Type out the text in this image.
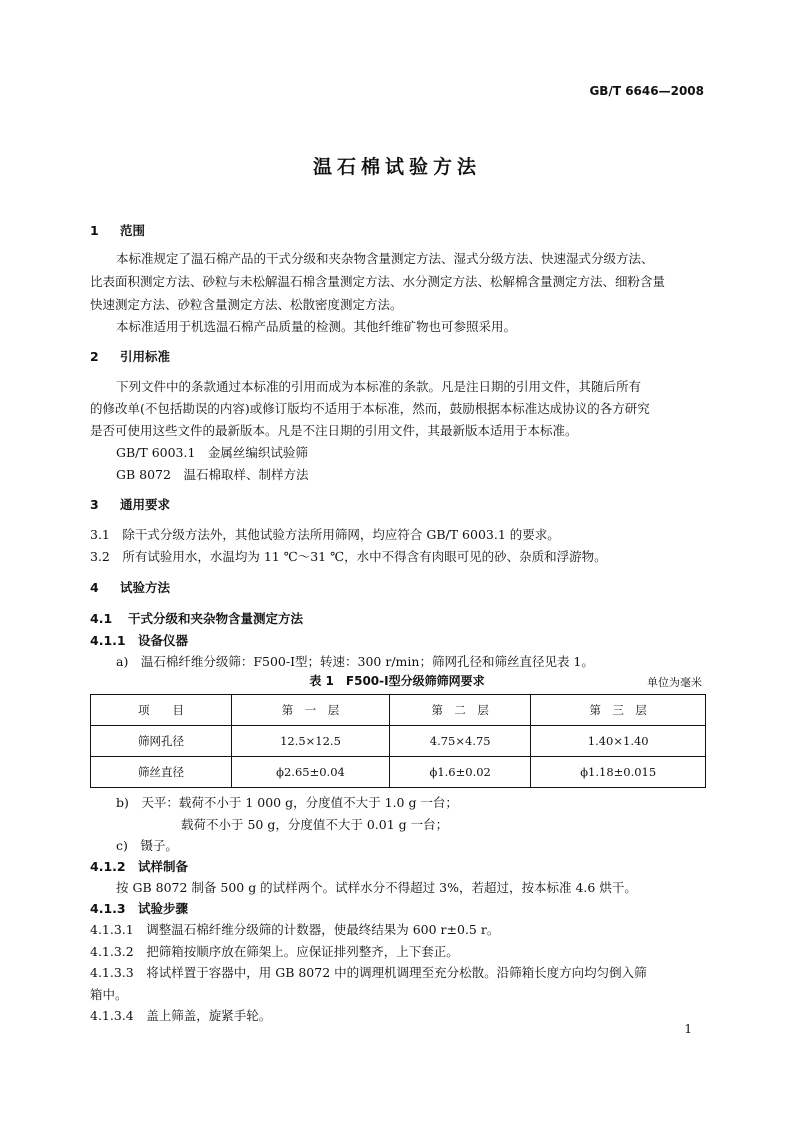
GB/T 6646—2008
温石棉试验方法
1 范围
本标准规定了温石棉产品的干式分级和夹杂物含量测定方法、湿式分级方法、快速湿式分级方法、
比表面积测定方法、砂粒与未松解温石棉含量测定方法、水分测定方法、松解棉含量测定方法、细粉含量
快速测定方法、砂粒含量测定方法、松散密度测定方法。
本标准适用于机选温石棉产品质量的检测。其他纤维矿物也可参照采用。
2 引用标准
下列文件中的条款通过本标准的引用而成为本标准的条款。凡是注日期的引用文件，其随后所有
的修改单(不包括勘误的内容)或修订版均不适用于本标准，然而，鼓励根据本标准达成协议的各方研究
是否可使用这些文件的最新版本。凡是不注日期的引用文件，其最新版本适用于本标准。
GB/T 6003.1　金属丝编织试验筛
GB 8072　温石棉取样、制样方法
3 通用要求
3.1　除干式分级方法外，其他试验方法所用筛网，均应符合 GB/T 6003.1 的要求。
3.2　所有试验用水，水温均为 11 ℃～31 ℃，水中不得含有肉眼可见的砂、杂质和浮游物。
4 试验方法
4.1 干式分级和夹杂物含量测定方法
4.1.1 设备仪器
a)　温石棉纤维分级筛：F500-Ⅰ型；转速：300 r/min；筛网孔径和筛丝直径见表 1。
表 1　F500-Ⅰ型分级筛筛网要求	单位为毫米
项　　目	第　一　层	第　二　层	第　三　层
筛网孔径	12.5×12.5	4.75×4.75	1.40×1.40
筛丝直径	ϕ2.65±0.04	ϕ1.6±0.02	ϕ1.18±0.015
b)　天平：载荷不小于 1 000 g，分度值不大于 1.0 g 一台；
载荷不小于 50 g，分度值不大于 0.01 g 一台；
c)　镊子。
4.1.2 试样制备
按 GB 8072 制备 500 g 的试样两个。试样水分不得超过 3%，若超过，按本标准 4.6 烘干。
4.1.3 试验步骤
4.1.3.1　调整温石棉纤维分级筛的计数器，使最终结果为 600 r±0.5 r。
4.1.3.2　把筛箱按顺序放在筛架上。应保证排列整齐，上下套正。
4.1.3.3　将试样置于容器中，用 GB 8072 中的调理机调理至充分松散。沿筛箱长度方向均匀倒入筛
箱中。
4.1.3.4　盖上筛盖，旋紧手轮。
1
